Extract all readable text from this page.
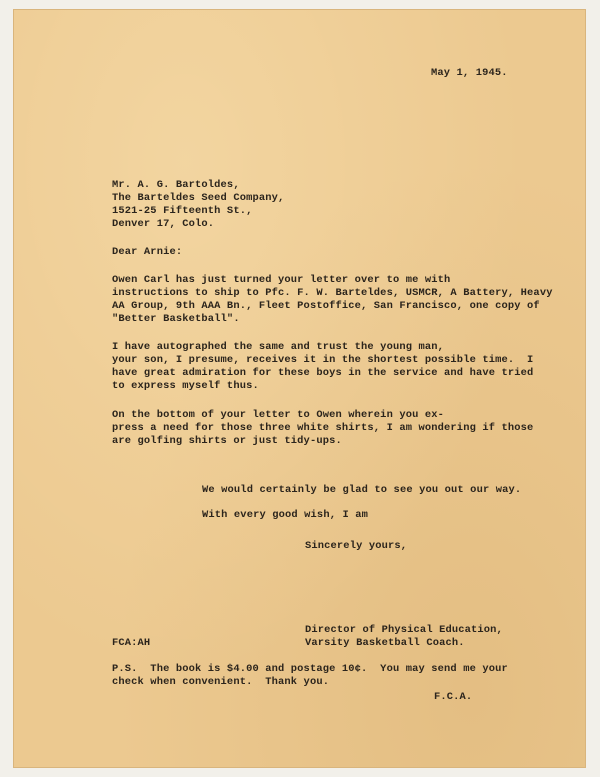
May 1, 1945.

Mr. A. G. Bartoldes,

The Barteldes Seed Company,

1521-25 Fifteenth St.,

Denver 17, Colo.

Dear Arnie:

Owen Carl has just turned your letter over to me with
instructions to ship to Pfc. F. W. Barteldes, USMCR, A Battery, Heavy
AA Group, 9th AAA Bn., Fleet Postoffice, San Francisco, one copy of
"Better Basketball".

I have autographed the same and trust the young man,
your son, I presume, receives it in the shortest possible time.  I
have great admiration for these boys in the service and have tried
to express myself thus.

On the bottom of your letter to Owen wherein you ex-
press a need for those three white shirts, I am wondering if those
are golfing shirts or just tidy-ups.

We would certainly be glad to see you out our way.

With every good wish, I am

Sincerely yours,

Director of Physical Education,

Varsity Basketball Coach.

FCA:AH

P.S.  The book is $4.00 and postage 10¢.  You may send me your
check when convenient.  Thank you.

F.C.A.
